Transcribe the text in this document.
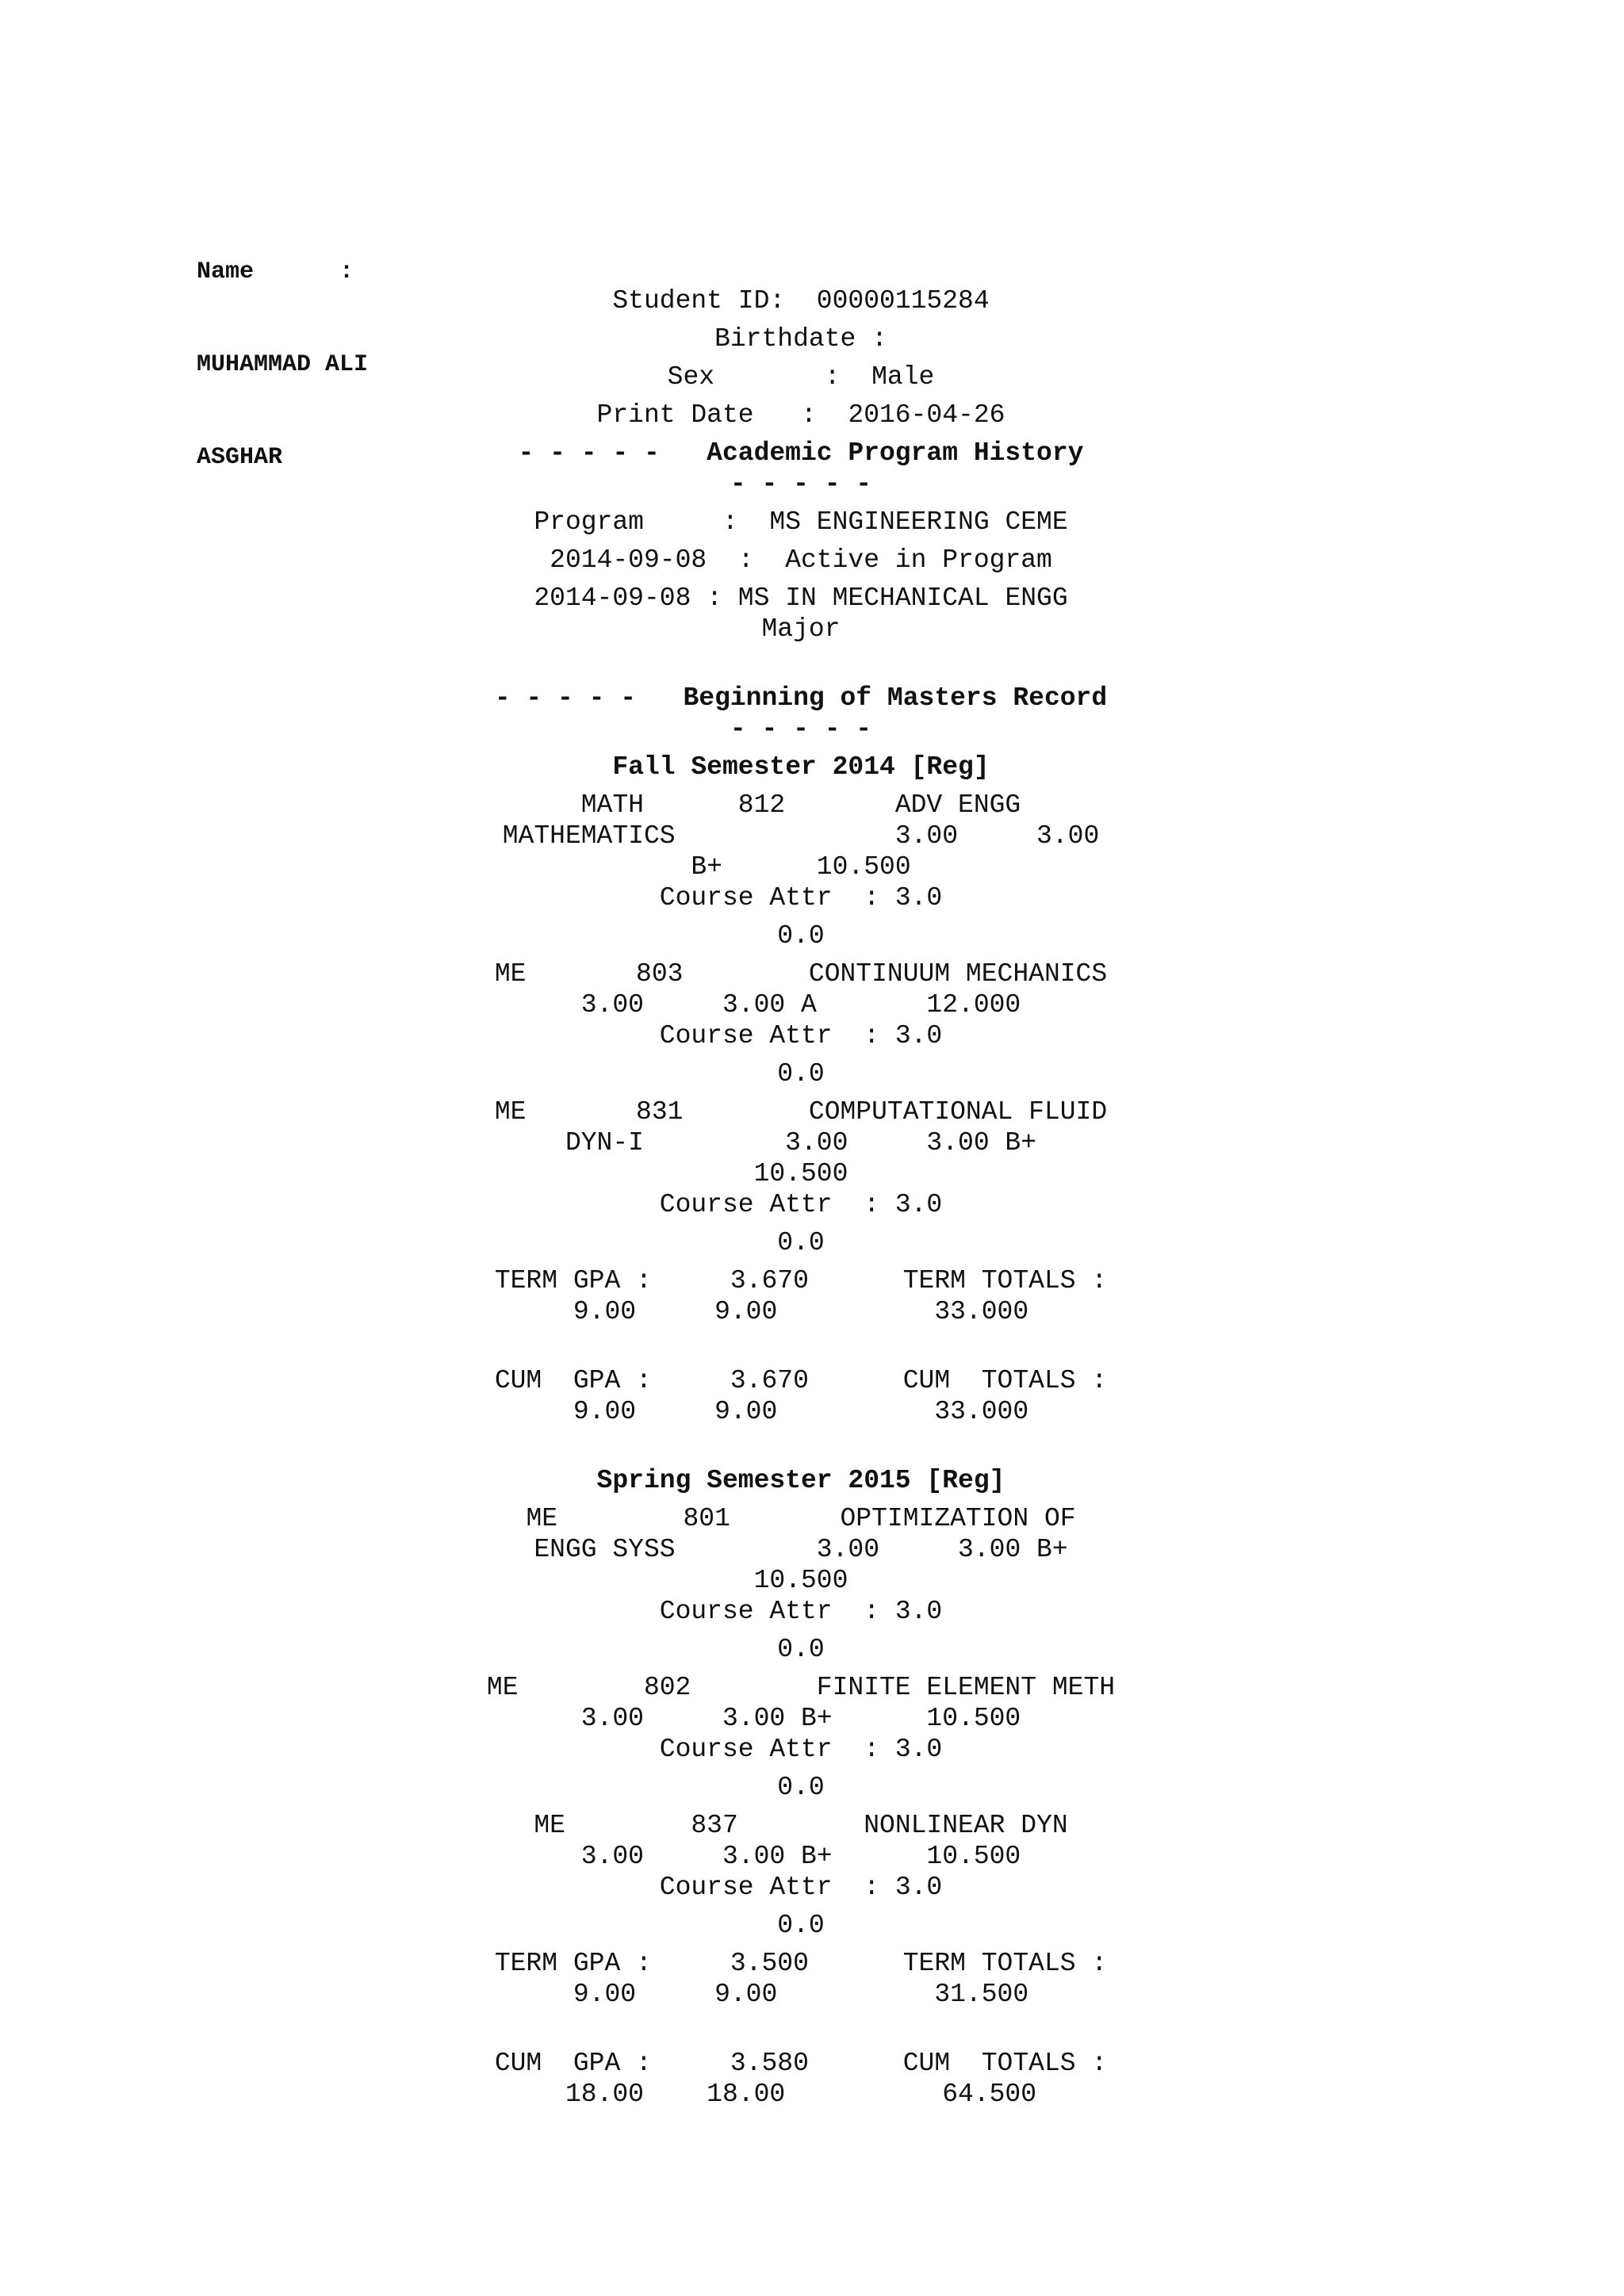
Name      :

MUHAMMAD ALI

ASGHAR

Student ID:  00000115284
Birthdate :
Sex       :  Male
Print Date   :  2016-04-26
- - - - -   Academic Program History
- - - - -
Program     :  MS ENGINEERING CEME
2014-09-08  :  Active in Program
2014-09-08 : MS IN MECHANICAL ENGG
Major
- - - - -   Beginning of Masters Record
- - - - -
Fall Semester 2014 [Reg]
MATH      812       ADV ENGG
MATHEMATICS              3.00     3.00
B+      10.500
Course Attr  : 3.0
0.0
ME       803        CONTINUUM MECHANICS
3.00     3.00 A       12.000
Course Attr  : 3.0
0.0
ME       831        COMPUTATIONAL FLUID
DYN-I         3.00     3.00 B+
10.500
Course Attr  : 3.0
0.0
TERM GPA :     3.670      TERM TOTALS :
9.00     9.00          33.000
CUM  GPA :     3.670      CUM  TOTALS :
9.00     9.00          33.000
Spring Semester 2015 [Reg]
ME        801       OPTIMIZATION OF
ENGG SYSS         3.00     3.00 B+
10.500
Course Attr  : 3.0
0.0
ME        802        FINITE ELEMENT METH
3.00     3.00 B+      10.500
Course Attr  : 3.0
0.0
ME        837        NONLINEAR DYN
3.00     3.00 B+      10.500
Course Attr  : 3.0
0.0
TERM GPA :     3.500      TERM TOTALS :
9.00     9.00          31.500
CUM  GPA :     3.580      CUM  TOTALS :
18.00    18.00          64.500
